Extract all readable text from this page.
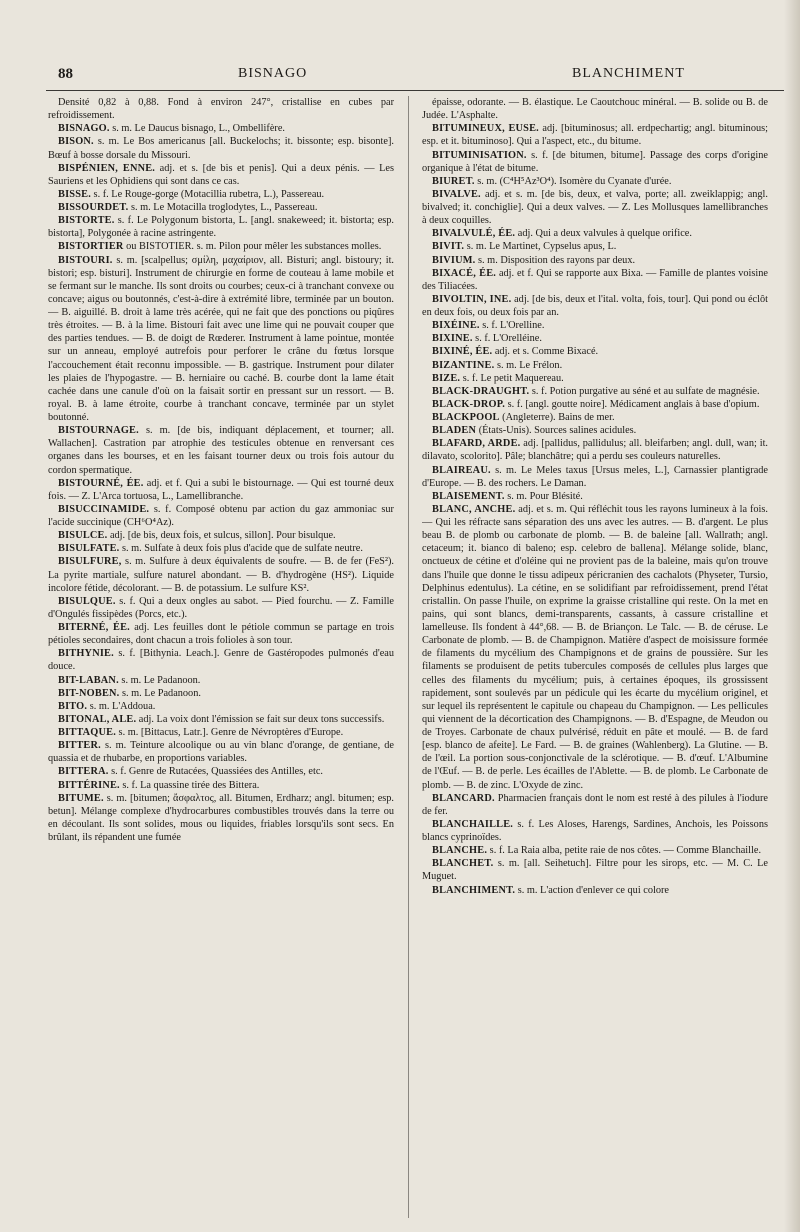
88	BISNAGO	BLANCHIMENT

Densité 0,82 à 0,88. Fond à environ 247°, cristallise en cubes par refroidissement.

BISNAGO. s. m. Le Daucus bisnago, L., Ombellifère.

BISON. s. m. Le Bos americanus [all. Buckelochs; it. bissonte; esp. bisonte]. Bœuf à bosse dorsale du Missouri.

BISPÉNIEN, ENNE. adj. et s. [de bis et penis]. Qui a deux pénis. — Les Sauriens et les Ophidiens qui sont dans ce cas.

BISSE. s. f. Le Rouge-gorge (Motacillia rubetra, L.), Passereau.

BISSOURDET. s. m. Le Motacilla troglodytes, L., Passereau.

BISTORTE. s. f. Le Polygonum bistorta, L. [angl. snakeweed; it. bistorta; esp. bistorta], Polygonée à racine astringente.

BISTORTIER ou BISTOTIER. s. m. Pilon pour mêler les substances molles.

BISTOURI. s. m. [scalpellus; σμίλη, μαχαίριον, all. Bisturi; angl. bistoury; it. bistori; esp. bisturi]. Instrument de chirurgie en forme de couteau à lame mobile et se fermant sur le manche. Ils sont droits ou courbes; ceux-ci à tranchant convexe ou concave; aigus ou boutonnés, c'est-à-dire à extrémité libre, terminée par un bouton. — B. aiguillé. B. droit à lame très acérée, qui ne fait que des ponctions ou piqûres très étroites. — B. à la lime. Bistouri fait avec une lime qui ne pouvait couper que des parties tendues. — B. de doigt de Rœderer. Instrument à lame pointue, montée sur un anneau, employé autrefois pour perforer le crâne du fœtus lorsque l'accouchement était reconnu impossible. — B. gastrique. Instrument pour dilater les plaies de l'hypogastre. — B. herniaire ou caché. B. courbe dont la lame était cachée dans une canule d'où on la faisait sortir en pressant sur un ressort. — B. royal. B. à lame étroite, courbe à tranchant concave, terminée par un stylet boutonné.

BISTOURNAGE. s. m. [de bis, indiquant déplacement, et tourner; all. Wallachen]. Castration par atrophie des testicules obtenue en renversant ces organes dans les bourses, et en les faisant tourner deux ou trois fois autour du cordon spermatique.

BISTOURNÉ, ÉE. adj. et f. Qui a subi le bistournage. — Qui est tourné deux fois. — Z. L'Arca tortuosa, L., Lamellibranche.

BISUCCINAMIDE. s. f. Composé obtenu par action du gaz ammoniac sur l'acide succinique (CH⁶O⁴Az).

BISULCE. adj. [de bis, deux fois, et sulcus, sillon]. Pour bisulque.

BISULFATE. s. m. Sulfate à deux fois plus d'acide que de sulfate neutre.

BISULFURE, s. m. Sulfure à deux équivalents de soufre. — B. de fer (FeS²). La pyrite martiale, sulfure naturel abondant. — B. d'hydrogène (HS²). Liquide incolore fétide, décolorant. — B. de potassium. Le sulfure KS².

BISULQUE. s. f. Qui a deux ongles au sabot. — Pied fourchu. — Z. Famille d'Ongulés fissipèdes (Porcs, etc.).

BITERNÉ, ÉE. adj. Les feuilles dont le pétiole commun se partage en trois pétioles secondaires, dont chacun a trois folioles à son tour.

BITHYNIE. s. f. [Bithynia. Leach.]. Genre de Gastéropodes pulmonés d'eau douce.

BIT-LABAN. s. m. Le Padanoon.

BIT-NOBEN. s. m. Le Padanoon.

BITO. s. m. L'Addoua.

BITONAL, ALE. adj. La voix dont l'émission se fait sur deux tons successifs.

BITTAQUE. s. m. [Bittacus, Latr.]. Genre de Névroptères d'Europe.

BITTER. s. m. Teinture alcoolique ou au vin blanc d'orange, de gentiane, de quassia et de rhubarbe, en proportions variables.

BITTERA. s. f. Genre de Rutacées, Quassiées des Antilles, etc.

BITTÉRINE. s. f. La quassine tirée des Bittera.

BITUME. s. m. [bitumen; ἄσφαλτος, all. Bitumen, Erdharz; angl. bitumen; esp. betun]. Mélange complexe d'hydrocarbures combustibles trouvés dans la terre ou en découlant. Ils sont solides, mous ou liquides, friables lorsqu'ils sont secs. En brûlant, ils répandent une fumée

épaisse, odorante. — B. élastique. Le Caoutchouc minéral. — B. solide ou B. de Judée. L'Asphalte.

BITUMINEUX, EUSE. adj. [bituminosus; all. erdpechartig; angl. bituminous; esp. et it. bituminoso]. Qui a l'aspect, etc., du bitume.

BITUMINISATION. s. f. [de bitumen, bitume]. Passage des corps d'origine organique à l'état de bitume.

BIURET. s. m. (C⁴H⁵Az³O⁴). Isomère du Cyanate d'urée.

BIVALVE. adj. et s. m. [de bis, deux, et valva, porte; all. zweiklappig; angl. bivalved; it. conchiglie]. Qui a deux valves. — Z. Les Mollusques lamellibranches à deux coquilles.

BIVALVULÉ, ÉE. adj. Qui a deux valvules à quelque orifice.

BIVIT. s. m. Le Martinet, Cypselus apus, L.

BIVIUM. s. m. Disposition des rayons par deux.

BIXACÉ, ÉE. adj. et f. Qui se rapporte aux Bixa. — Famille de plantes voisine des Tiliacées.

BIVOLTIN, INE. adj. [de bis, deux et l'ital. volta, fois, tour]. Qui pond ou éclôt en deux fois, ou deux fois par an.

BIXÉINE. s. f. L'Orelline.

BIXINE. s. f. L'Orelléine.

BIXINÉ, ÉE. adj. et s. Comme Bixacé.

BIZANTINE. s. m. Le Frélon.

BIZE. s. f. Le petit Maquereau.

BLACK-DRAUGHT. s. f. Potion purgative au séné et au sulfate de magnésie.

BLACK-DROP. s. f. [angl. goutte noire]. Médicament anglais à base d'opium.

BLACKPOOL (Angleterre). Bains de mer.

BLADEN (États-Unis). Sources salines acidules.

BLAFARD, ARDE. adj. [pallidus, pallidulus; all. bleifarben; angl. dull, wan; it. dilavato, scolorito]. Pâle; blanchâtre; qui a perdu ses couleurs naturelles.

BLAIREAU. s. m. Le Meles taxus [Ursus meles, L.], Carnassier plantigrade d'Europe. — B. des rochers. Le Daman.

BLAISEMENT. s. m. Pour Blésité.

BLANC, ANCHE. adj. et s. m. Qui réfléchit tous les rayons lumineux à la fois. — Qui les réfracte sans séparation des uns avec les autres. — B. d'argent. Le plus beau B. de plomb ou carbonate de plomb. — B. de baleine [all. Wallrath; angl. cetaceum; it. bianco di baleno; esp. celebro de ballena]. Mélange solide, blanc, onctueux de cétine et d'oléine qui ne provient pas de la baleine, mais qu'on trouve dans l'huile que donne le tissu adipeux péricranien des cachalots (Physeter, Tursio, Delphinus edentulus). La cétine, en se solidifiant par refroidissement, prend l'état cristallin. On passe l'huile, on exprime la graisse cristalline qui reste. On la met en pains, qui sont blancs, demi-transparents, cassants, à cassure cristalline et lamelleuse. Ils fondent à 44°,68. — B. de Briançon. Le Talc. — B. de céruse. Le Carbonate de plomb. — B. de Champignon. Matière d'aspect de moisissure formée de filaments du mycélium des Champignons et de grains de poussière. Sur les filaments se produisent de petits tubercules composés de cellules plus larges que celles des filaments du mycélium; puis, à certaines époques, ils grossissent rapidement, sont soulevés par un pédicule qui les écarte du mycélium originel, et sur lequel ils représentent le capitule ou chapeau du Champignon. — Les pellicules qui viennent de la décortication des Champignons. — B. d'Espagne, de Meudon ou de Troyes. Carbonate de chaux pulvérisé, réduit en pâte et moulé. — B. de fard [esp. blanco de afeite]. Le Fard. — B. de graines (Wahlenberg). La Glutine. — B. de l'œil. La portion sous-conjonctivale de la sclérotique. — B. d'œuf. L'Albumine de l'Œuf. — B. de perle. Les écailles de l'Ablette. — B. de plomb. Le Carbonate de plomb. — B. de zinc. L'Oxyde de zinc.

BLANCARD. Pharmacien français dont le nom est resté à des pilules à l'iodure de fer.

BLANCHAILLE. s. f. Les Aloses, Harengs, Sardines, Anchois, les Poissons blancs cyprinoïdes.

BLANCHE. s. f. La Raia alba, petite raie de nos côtes. — Comme Blanchaille.

BLANCHET. s. m. [all. Seihetuch]. Filtre pour les sirops, etc. — M. C. Le Muguet.

BLANCHIMENT. s. m. L'action d'enlever ce qui colore
